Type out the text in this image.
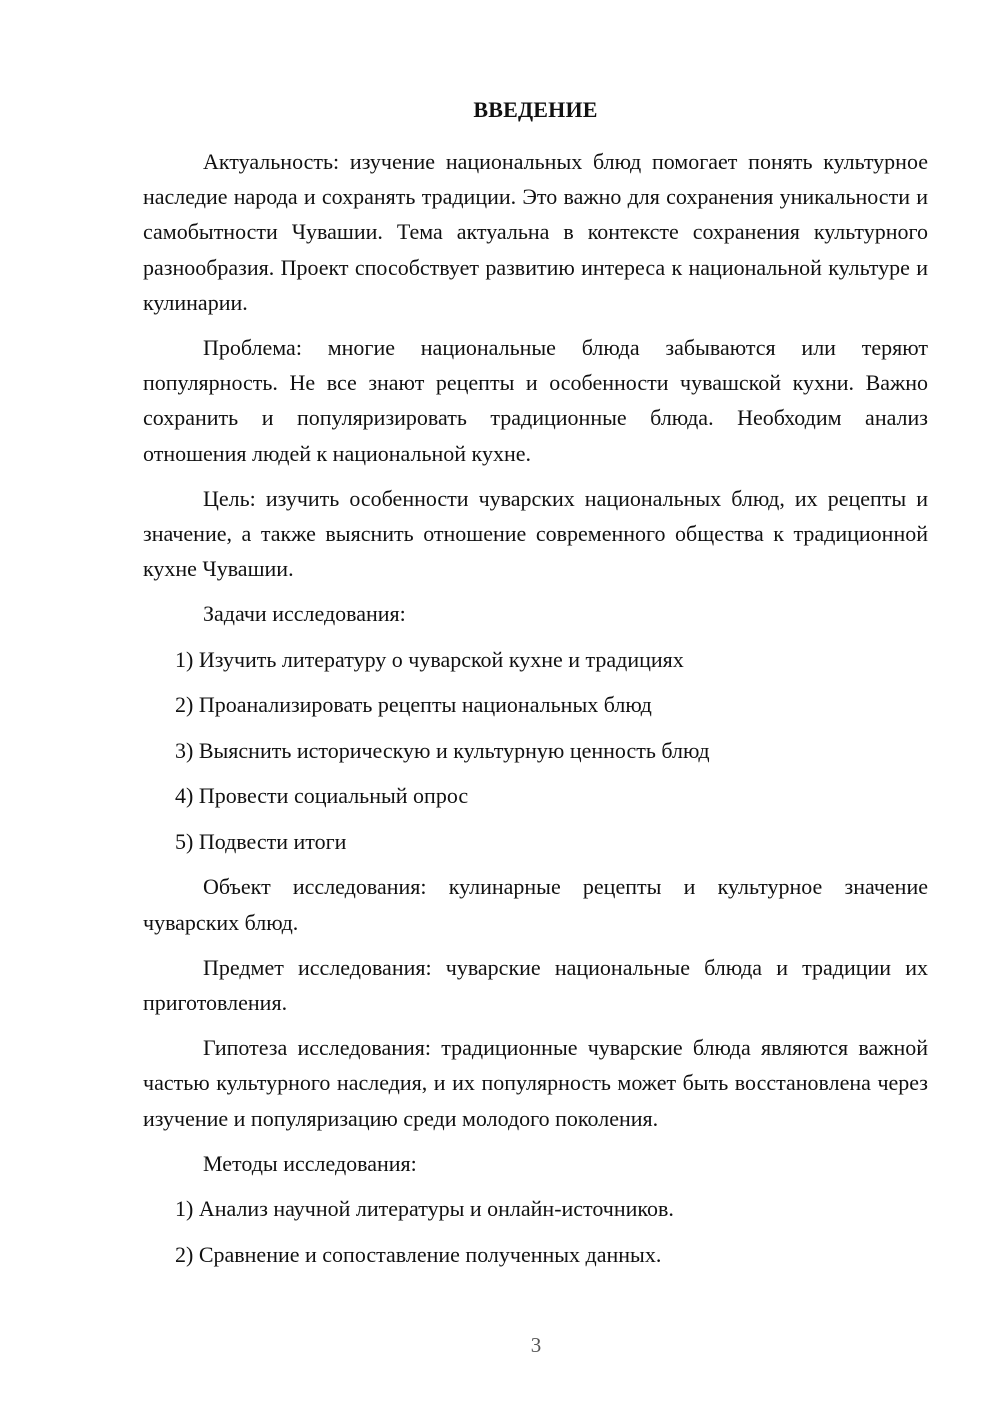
ВВЕДЕНИЕ

Актуальность: изучение национальных блюд помогает понять культурное наследие народа и сохранять традиции. Это важно для сохранения уникальности и самобытности Чувашии. Тема актуальна в контексте сохранения культурного разнообразия. Проект способствует развитию интереса к национальной культуре и кулинарии.

Проблема: многие национальные блюда забываются или теряют популярность. Не все знают рецепты и особенности чувашской кухни. Важно сохранить и популяризировать традиционные блюда. Необходим анализ отношения людей к национальной кухне.

Цель: изучить особенности чуварских национальных блюд, их рецепты и значение, а также выяснить отношение современного общества к традиционной кухне Чувашии.

Задачи исследования:
1) Изучить литературу о чуварской кухне и традициях
2) Проанализировать рецепты национальных блюд
3) Выяснить историческую и культурную ценность блюд
4) Провести социальный опрос
5) Подвести итоги

Объект исследования: кулинарные рецепты и культурное значение чуварских блюд.

Предмет исследования: чуварские национальные блюда и традиции их приготовления.

Гипотеза исследования: традиционные чуварские блюда являются важной частью культурного наследия, и их популярность может быть восстановлена через изучение и популяризацию среди молодого поколения.

Методы исследования:
1) Анализ научной литературы и онлайн-источников.
2) Сравнение и сопоставление полученных данных.
3
